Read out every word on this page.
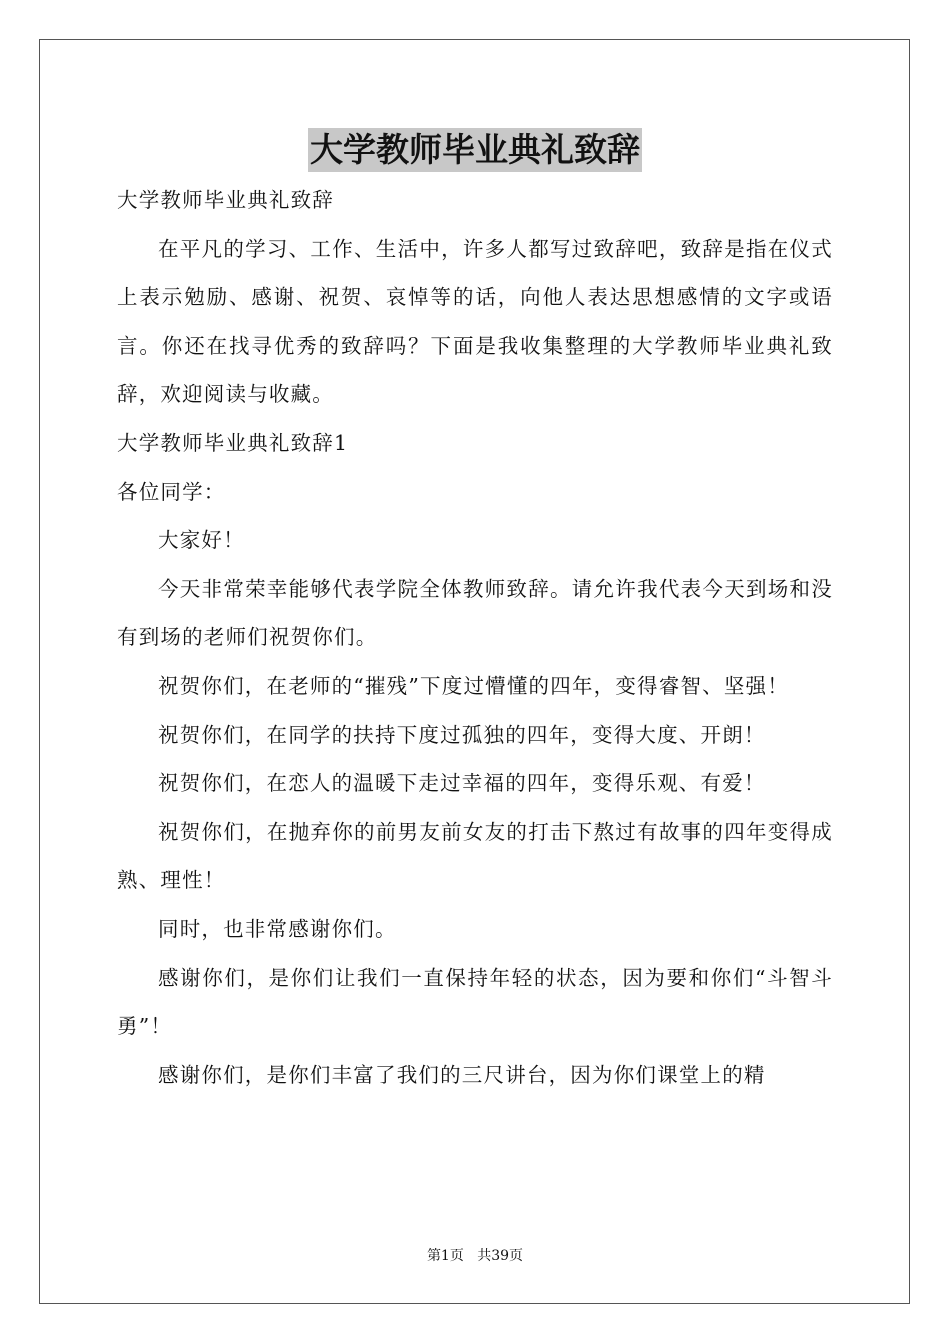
大学教师毕业典礼致辞

大学教师毕业典礼致辞

在平凡的学习、工作、生活中，许多人都写过致辞吧，致辞是指在仪式上表示勉励、感谢、祝贺、哀悼等的话，向他人表达思想感情的文字或语言。你还在找寻优秀的致辞吗？下面是我收集整理的大学教师毕业典礼致辞，欢迎阅读与收藏。

大学教师毕业典礼致辞1

各位同学：

大家好！

今天非常荣幸能够代表学院全体教师致辞。请允许我代表今天到场和没有到场的老师们祝贺你们。

祝贺你们，在老师的“摧残”下度过懵懂的四年，变得睿智、坚强！

祝贺你们，在同学的扶持下度过孤独的四年，变得大度、开朗！

祝贺你们，在恋人的温暖下走过幸福的四年，变得乐观、有爱！

祝贺你们，在抛弃你的前男友前女友的打击下熬过有故事的四年变得成熟、理性！

同时，也非常感谢你们。

感谢你们，是你们让我们一直保持年轻的状态，因为要和你们“斗智斗勇”！

感谢你们，是你们丰富了我们的三尺讲台，因为你们课堂上的精

第1页 共39页
